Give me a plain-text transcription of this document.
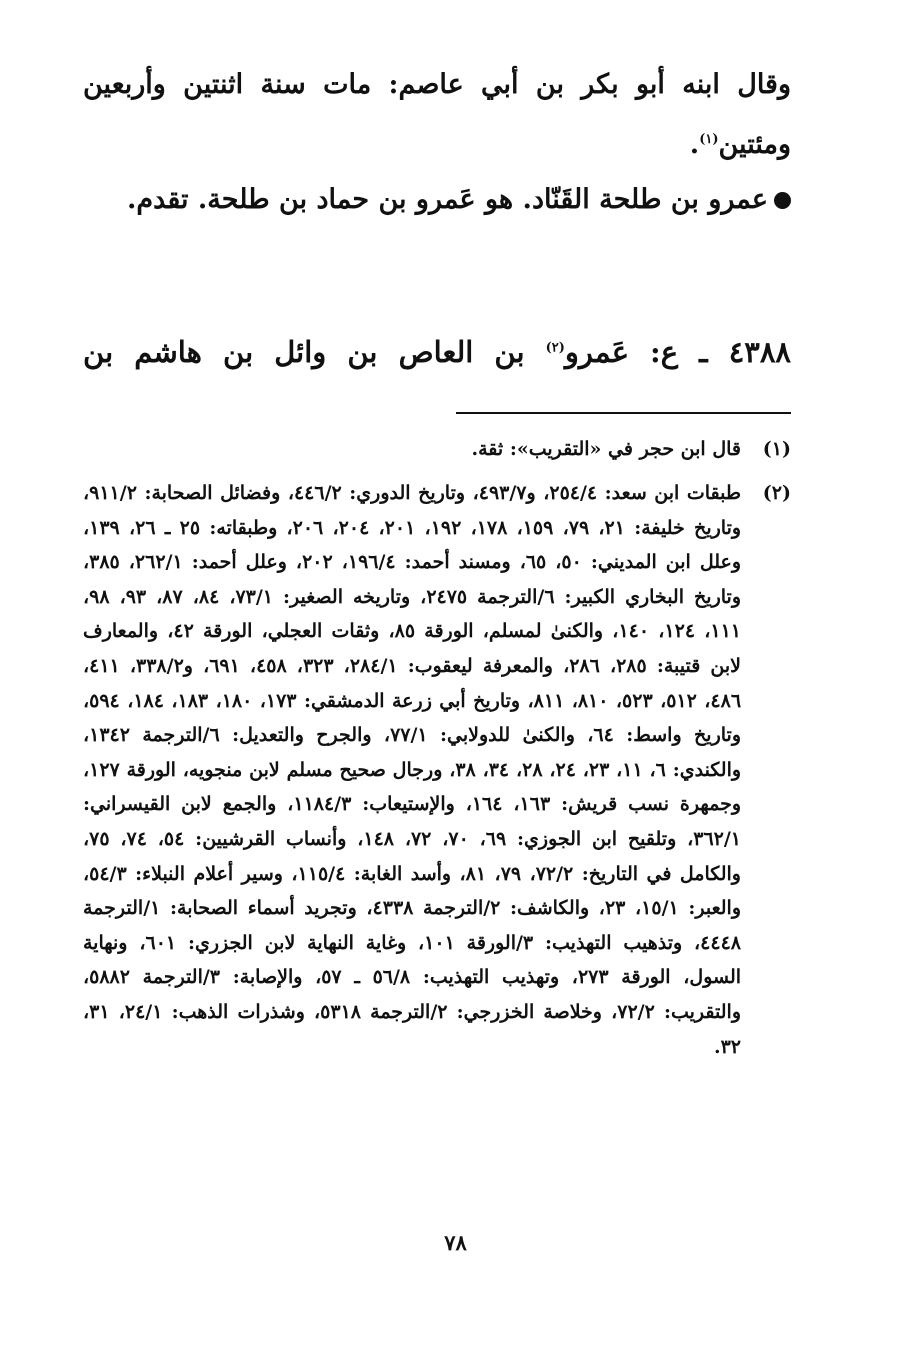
وقال ابنه أبو بكر بن أبي عاصم: مات سنة اثنتين وأربعين ومئتين$^{(١)}$.

عمرو بن طلحة القَنّاد. هو عَمرو بن حماد بن طلحة. تقدم.

٤٣٨٨ ـ ع: عَمرو$^{(٢)}$ بن العاص بن وائل بن هاشم بن

(١)
قال ابن حجر في «التقريب»: ثقة.
(٢)
طبقات ابن سعد: ٢٥٤/٤، و٤٩٣/٧، وتاريخ الدوري: ٤٤٦/٢، وفضائل الصحابة: ٩١١/٢، وتاريخ خليفة: ٢١، ٧٩، ١٥٩، ١٧٨، ١٩٢، ٢٠١، ٢٠٤، ٢٠٦، وطبقاته: ٢٥ ـ ٢٦، ١٣٩، وعلل ابن المديني: ٥٠، ٦٥، ومسند أحمد: ١٩٦/٤، ٢٠٢، وعلل أحمد: ٢٦٢/١، ٣٨٥، وتاريخ البخاري الكبير: ٦/الترجمة ٢٤٧٥، وتاريخه الصغير: ٧٣/١، ٨٤، ٨٧، ٩٣، ٩٨، ١١١، ١٢٤، ١٤٠، والكنىٰ لمسلم، الورقة ٨٥، وثقات العجلي، الورقة ٤٢، والمعارف لابن قتيبة: ٢٨٥، ٢٨٦، والمعرفة ليعقوب: ٢٨٤/١، ٣٢٣، ٤٥٨، ٦٩١، و٣٣٨/٢، ٤١١، ٤٨٦، ٥١٢، ٥٢٣، ٨١٠، ٨١١، وتاريخ أبي زرعة الدمشقي: ١٧٣، ١٨٠، ١٨٣، ١٨٤، ٥٩٤، وتاريخ واسط: ٦٤، والكنىٰ للدولابي: ٧٧/١، والجرح والتعديل: ٦/الترجمة ١٣٤٢، والكندي: ٦، ١١، ٢٣، ٢٤، ٢٨، ٣٤، ٣٨، ورجال صحيح مسلم لابن منجويه، الورقة ١٢٧، وجمهرة نسب قريش: ١٦٣، ١٦٤، والإستيعاب: ١١٨٤/٣، والجمع لابن القيسراني: ٣٦٢/١، وتلقيح ابن الجوزي: ٦٩، ٧٠، ٧٢، ١٤٨، وأنساب القرشيين: ٥٤، ٧٤، ٧٥، والكامل في التاريخ: ٧٢/٢، ٧٩، ٨١، وأسد الغابة: ١١٥/٤، وسير أعلام النبلاء: ٥٤/٣، والعبر: ١٥/١، ٢٣، والكاشف: ٢/الترجمة ٤٣٣٨، وتجريد أسماء الصحابة: ١/الترجمة ٤٤٤٨، وتذهيب التهذيب: ٣/الورقة ١٠١، وغاية النهاية لابن الجزري: ٦٠١، ونهاية السول، الورقة ٢٧٣، وتهذيب التهذيب: ٥٦/٨ ـ ٥٧، والإصابة: ٣/الترجمة ٥٨٨٢، والتقريب: ٧٢/٢، وخلاصة الخزرجي: ٢/الترجمة ٥٣١٨، وشذرات الذهب: ٢٤/١، ٣١، ٣٢.
٧٨
